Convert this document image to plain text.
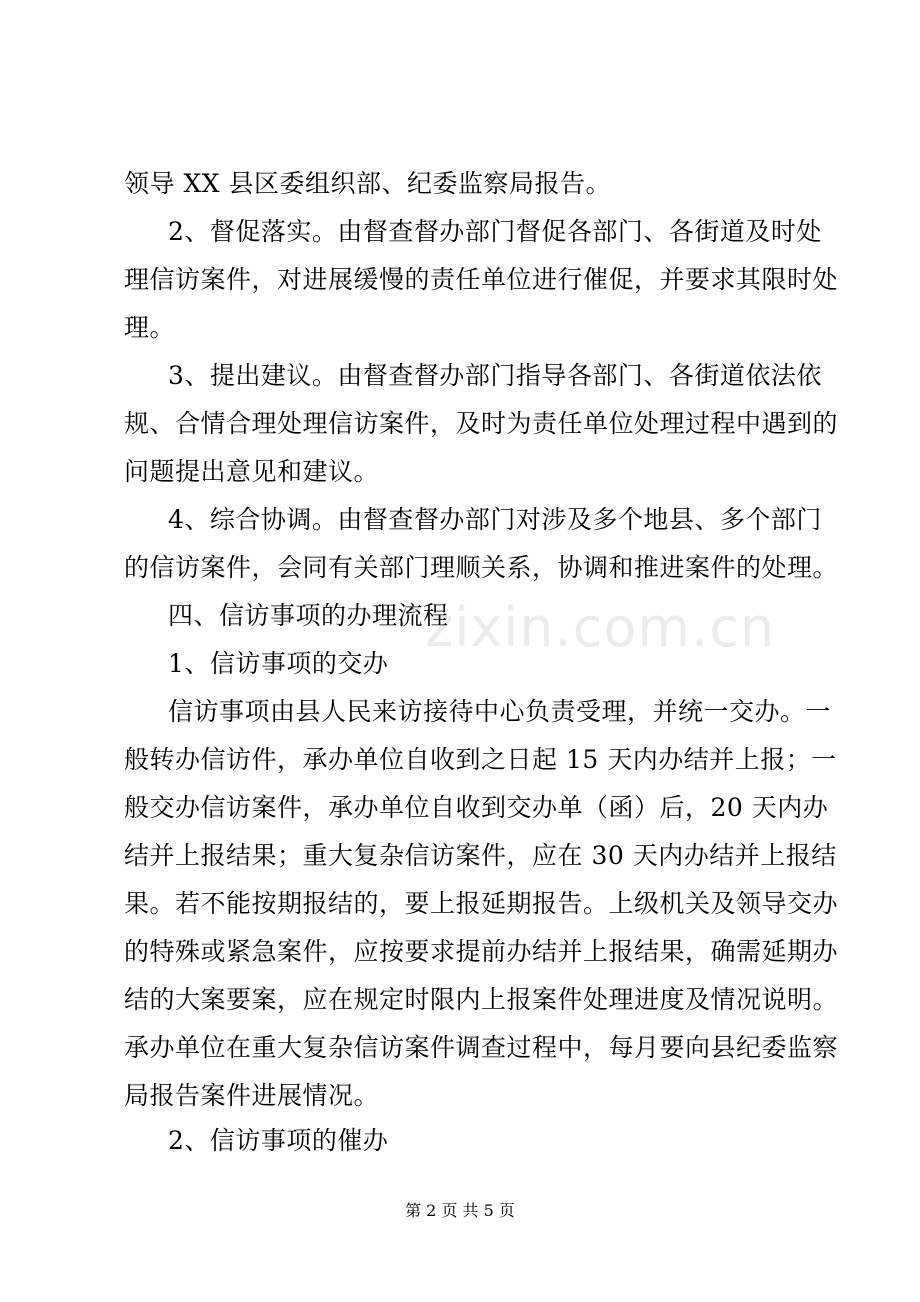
领导 XX 县区委组织部、纪委监察局报告。
2、督促落实。由督查督办部门督促各部门、各街道及时处
理信访案件，对进展缓慢的责任单位进行催促，并要求其限时处
理。
3、提出建议。由督查督办部门指导各部门、各街道依法依
规、合情合理处理信访案件，及时为责任单位处理过程中遇到的
问题提出意见和建议。
4、综合协调。由督查督办部门对涉及多个地县、多个部门
的信访案件，会同有关部门理顺关系，协调和推进案件的处理。
四、信访事项的办理流程
1、信访事项的交办
信访事项由县人民来访接待中心负责受理，并统一交办。一
般转办信访件，承办单位自收到之日起 15 天内办结并上报；一
般交办信访案件，承办单位自收到交办单（函）后，20 天内办
结并上报结果；重大复杂信访案件，应在 30 天内办结并上报结
果。若不能按期报结的，要上报延期报告。上级机关及领导交办
的特殊或紧急案件，应按要求提前办结并上报结果，确需延期办
结的大案要案，应在规定时限内上报案件处理进度及情况说明。
承办单位在重大复杂信访案件调查过程中，每月要向县纪委监察
局报告案件进展情况。
2、信访事项的催办
zixin.com.cn
第 2 页 共 5 页
